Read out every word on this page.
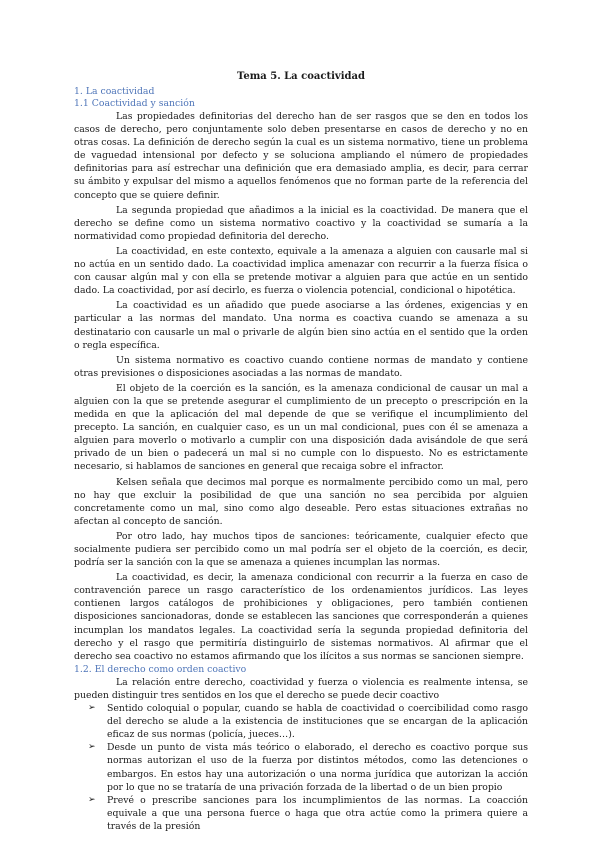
Tema 5. La coactividad
1. La coactividad
1.1 Coactividad y sanción

Las propiedades definitorias del derecho han de ser rasgos que se den en todos los casos de derecho, pero conjuntamente solo deben presentarse en casos de derecho y no en otras cosas. La definición de derecho según la cual es un sistema normativo, tiene un problema de vaguedad intensional por defecto y se soluciona ampliando el número de propiedades definitorias para así estrechar una definición que era demasiado amplia, es decir, para cerrar su ámbito y expulsar del mismo a aquellos fenómenos que no forman parte de la referencia del concepto que se quiere definir.

La segunda propiedad que añadimos a la inicial es la coactividad. De manera que el derecho se define como un sistema normativo coactivo y la coactividad se sumaría a la normatividad como propiedad definitoria del derecho.

La coactividad, en este contexto, equivale a la amenaza a alguien con causarle mal si no actúa en un sentido dado. La coactividad implica amenazar con recurrir a la fuerza física o con causar algún mal y con ella se pretende motivar a alguien para que actúe en un sentido dado. La coactividad, por así decirlo, es fuerza o violencia potencial, condicional o hipotética.

La coactividad es un añadido que puede asociarse a las órdenes, exigencias y en particular a las normas del mandato. Una norma es coactiva cuando se amenaza a su destinatario con causarle un mal o privarle de algún bien sino actúa en el sentido que la orden o regla específica.

Un sistema normativo es coactivo cuando contiene normas de mandato y contiene otras previsiones o disposiciones asociadas a las normas de mandato.

El objeto de la coerción es la sanción, es la amenaza condicional de causar un mal a alguien con la que se pretende asegurar el cumplimiento de un precepto o prescripción en la medida en que la aplicación del mal depende de que se verifique el incumplimiento del precepto. La sanción, en cualquier caso, es un un mal condicional, pues con él se amenaza a alguien para moverlo o motivarlo a cumplir con una disposición dada avisándole de que será privado de un bien o padecerá un mal si no cumple con lo dispuesto. No es estrictamente necesario, si hablamos de sanciones en general que recaiga sobre el infractor.

Kelsen señala que decimos mal porque es normalmente percibido como un mal, pero no hay que excluir la posibilidad de que una sanción no sea percibida por alguien concretamente como un mal, sino como algo deseable. Pero estas situaciones extrañas no afectan al concepto de sanción.

Por otro lado, hay muchos tipos de sanciones: teóricamente, cualquier efecto que socialmente pudiera ser percibido como un mal podría ser el objeto de la coerción, es decir, podría ser la sanción con la que se amenaza a quienes incumplan las normas.

La coactividad, es decir, la amenaza condicional con recurrir a la fuerza en caso de contravención parece un rasgo característico de los ordenamientos jurídicos. Las leyes contienen largos catálogos de prohibiciones y obligaciones, pero también contienen disposiciones sancionadoras, donde se establecen las sanciones que corresponderán a quienes incumplan los mandatos legales. La coactividad sería la segunda propiedad definitoria del derecho y el rasgo que permitiría distinguirlo de sistemas normativos. Al afirmar que el derecho sea coactivo no estamos afirmando que los ilícitos a sus normas se sancionen siempre.

1.2. El derecho como orden coactivo

La relación entre derecho, coactividad y fuerza o violencia es realmente intensa, se pueden distinguir tres sentidos en los que el derecho se puede decir coactivo

➢ Sentido coloquial o popular, cuando se habla de coactividad o coercibilidad como rasgo del derecho se alude a la existencia de instituciones que se encargan de la aplicación eficaz de sus normas (policía, jueces…).
➢ Desde un punto de vista más teórico o elaborado, el derecho es coactivo porque sus normas autorizan el uso de la fuerza por distintos métodos, como las detenciones o embargos. En estos hay una autorización o una norma jurídica que autorizan la acción por lo que no se trataría de una privación forzada de la libertad o de un bien propio
➢ Prevé o prescribe sanciones para los incumplimientos de las normas. La coacción equivale a que una persona fuerce o haga que otra actúe como la primera quiere a través de la presión
